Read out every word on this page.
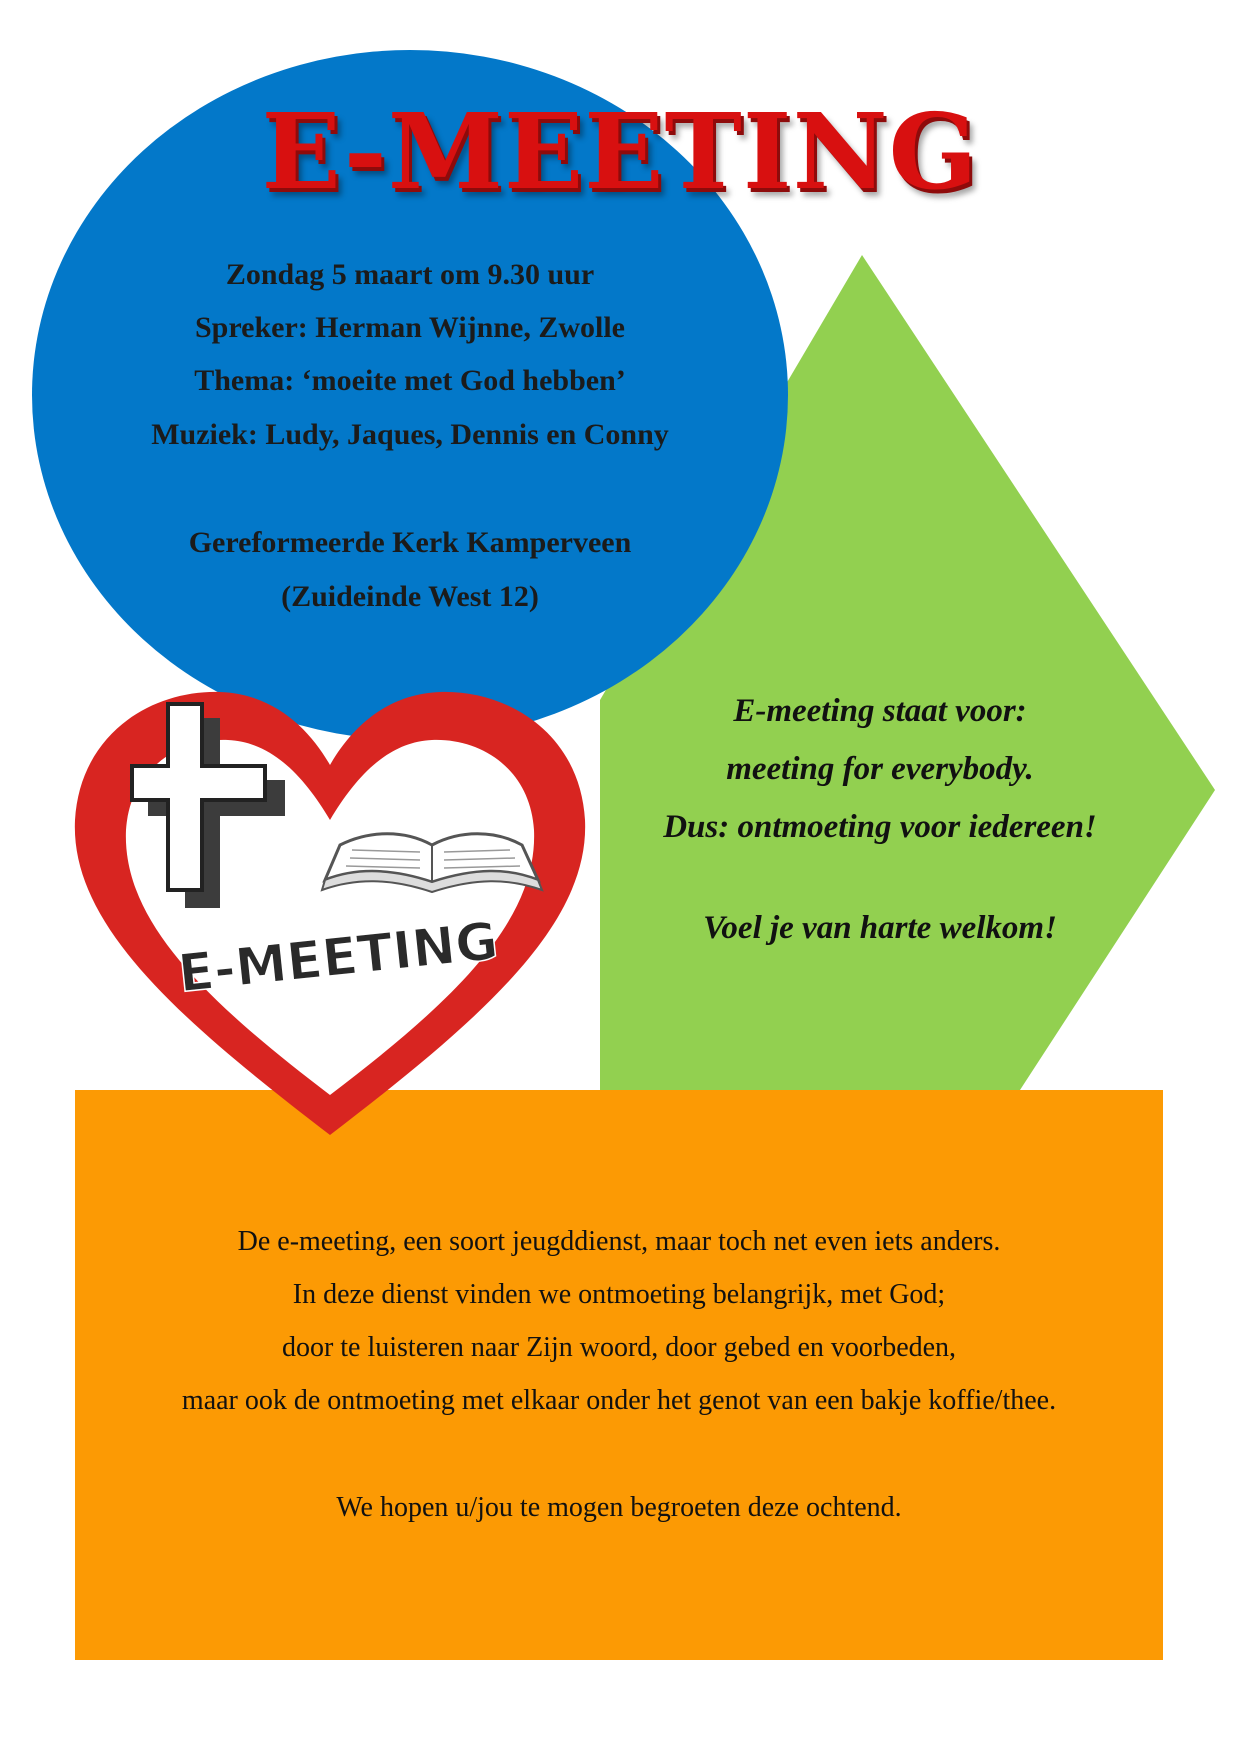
E-MEETING
E-MEETING
Zondag 5 maart om 9.30 uur
Spreker: Herman Wijnne, Zwolle
Thema: ‘moeite met God hebben’
Muziek: Ludy, Jaques, Dennis en Conny
Gereformeerde Kerk Kamperveen
(Zuideinde West 12)
E-meeting staat voor:
meeting for everybody.
Dus: ontmoeting voor iedereen!
Voel je van harte welkom!
De e-meeting, een soort jeugddienst, maar toch net even iets anders.
In deze dienst vinden we ontmoeting belangrijk, met God;
door te luisteren naar Zijn woord, door gebed en voorbeden,
maar ook de ontmoeting met elkaar onder het genot van een bakje koffie/thee.
We hopen u/jou te mogen begroeten deze ochtend.
